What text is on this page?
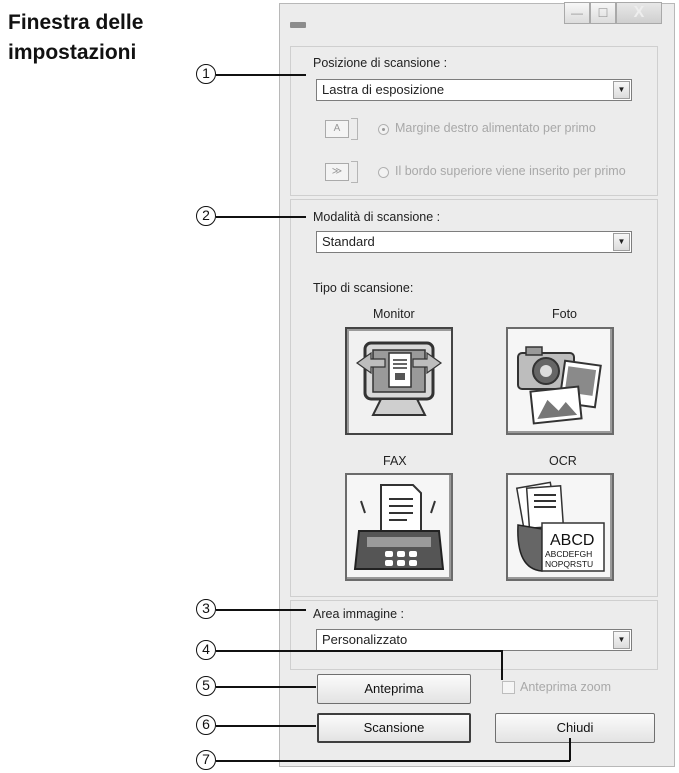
Finestra delle
impostazioni
—	☐	X
Posizione di scansione :
Lastra di esposizione	▼
A	Margine destro alimentato per primo
≫	Il bordo superiore viene inserito per primo
Modalità di scansione :
Standard	▼
Tipo di scansione:
Monitor	Foto
FAX	OCR
ABCD
ABCDEFGH
NOPQRSTU
Area immagine :
Personalizzato	▼
Anteprima	Anteprima zoom
Scansione	Chiudi
1
2
3
4
5
6
7
